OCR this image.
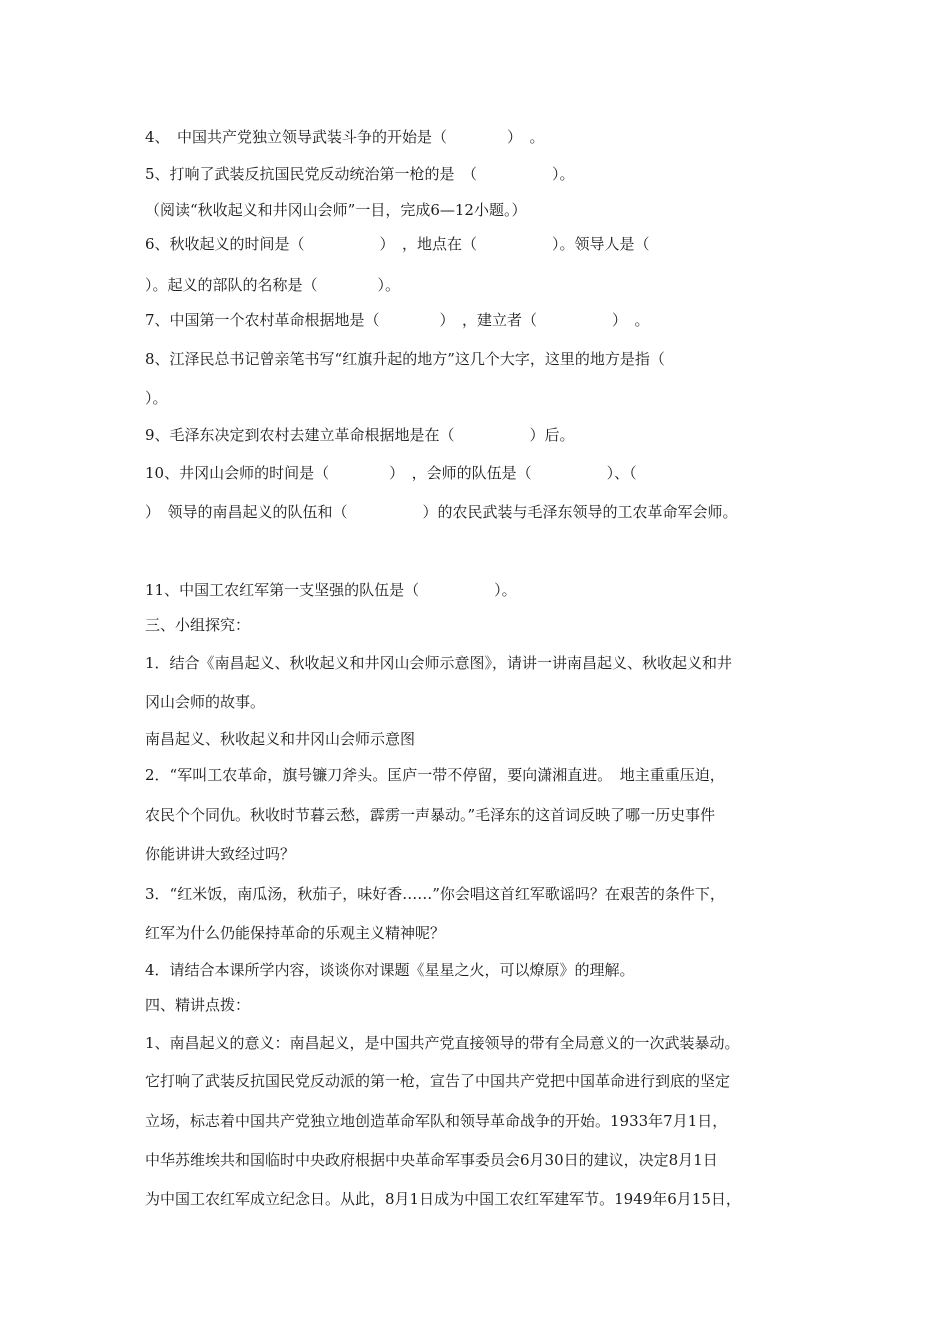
4、　中国共产党独立领导武装斗争的开始是（　　　　）　。
5、打响了武装反抗国民党反动统治第一枪的是　（　　　　　）。
（阅读“秋收起义和井冈山会师”一目，完成6—12小题。）
6、秋收起义的时间是（　　　　　）　，地点在（　　　　　）。领导人是（
）。起义的部队的名称是（　　　　）。
7、中国第一个农村革命根据地是（　　　　）　，建立者（　　　　　）　。
8、江泽民总书记曾亲笔书写“红旗升起的地方”这几个大字，这里的地方是指（
）。
9、毛泽东决定到农村去建立革命根据地是在（　　　　　）后。
10、井冈山会师的时间是（　　　　）　，会师的队伍是（　　　　　）、（
）　领导的南昌起义的队伍和（　　　　　）的农民武装与毛泽东领导的工农革命军会师。
11、中国工农红军第一支坚强的队伍是（　　　　　）。
三、小组探究：
1．结合《南昌起义、秋收起义和井冈山会师示意图》，请讲一讲南昌起义、秋收起义和井
冈山会师的故事。
南昌起义、秋收起义和井冈山会师示意图
2．“军叫工农革命，旗号镰刀斧头。匡庐一带不停留，要向潇湘直进。　地主重重压迫，
农民个个同仇。秋收时节暮云愁，霹雳一声暴动。”毛泽东的这首词反映了哪一历史事件
你能讲讲大致经过吗？
3．“红米饭，南瓜汤，秋茄子，味好香……”你会唱这首红军歌谣吗？在艰苦的条件下，
红军为什么仍能保持革命的乐观主义精神呢？
4．请结合本课所学内容，谈谈你对课题《星星之火，可以燎原》的理解。
四、精讲点拨：
1、南昌起义的意义：南昌起义，是中国共产党直接领导的带有全局意义的一次武装暴动。
它打响了武装反抗国民党反动派的第一枪，宣告了中国共产党把中国革命进行到底的坚定
立场，标志着中国共产党独立地创造革命军队和领导革命战争的开始。1933年7月1日，
中华苏维埃共和国临时中央政府根据中央革命军事委员会6月30日的建议，决定8月1日
为中国工农红军成立纪念日。从此，8月1日成为中国工农红军建军节。1949年6月15日，
